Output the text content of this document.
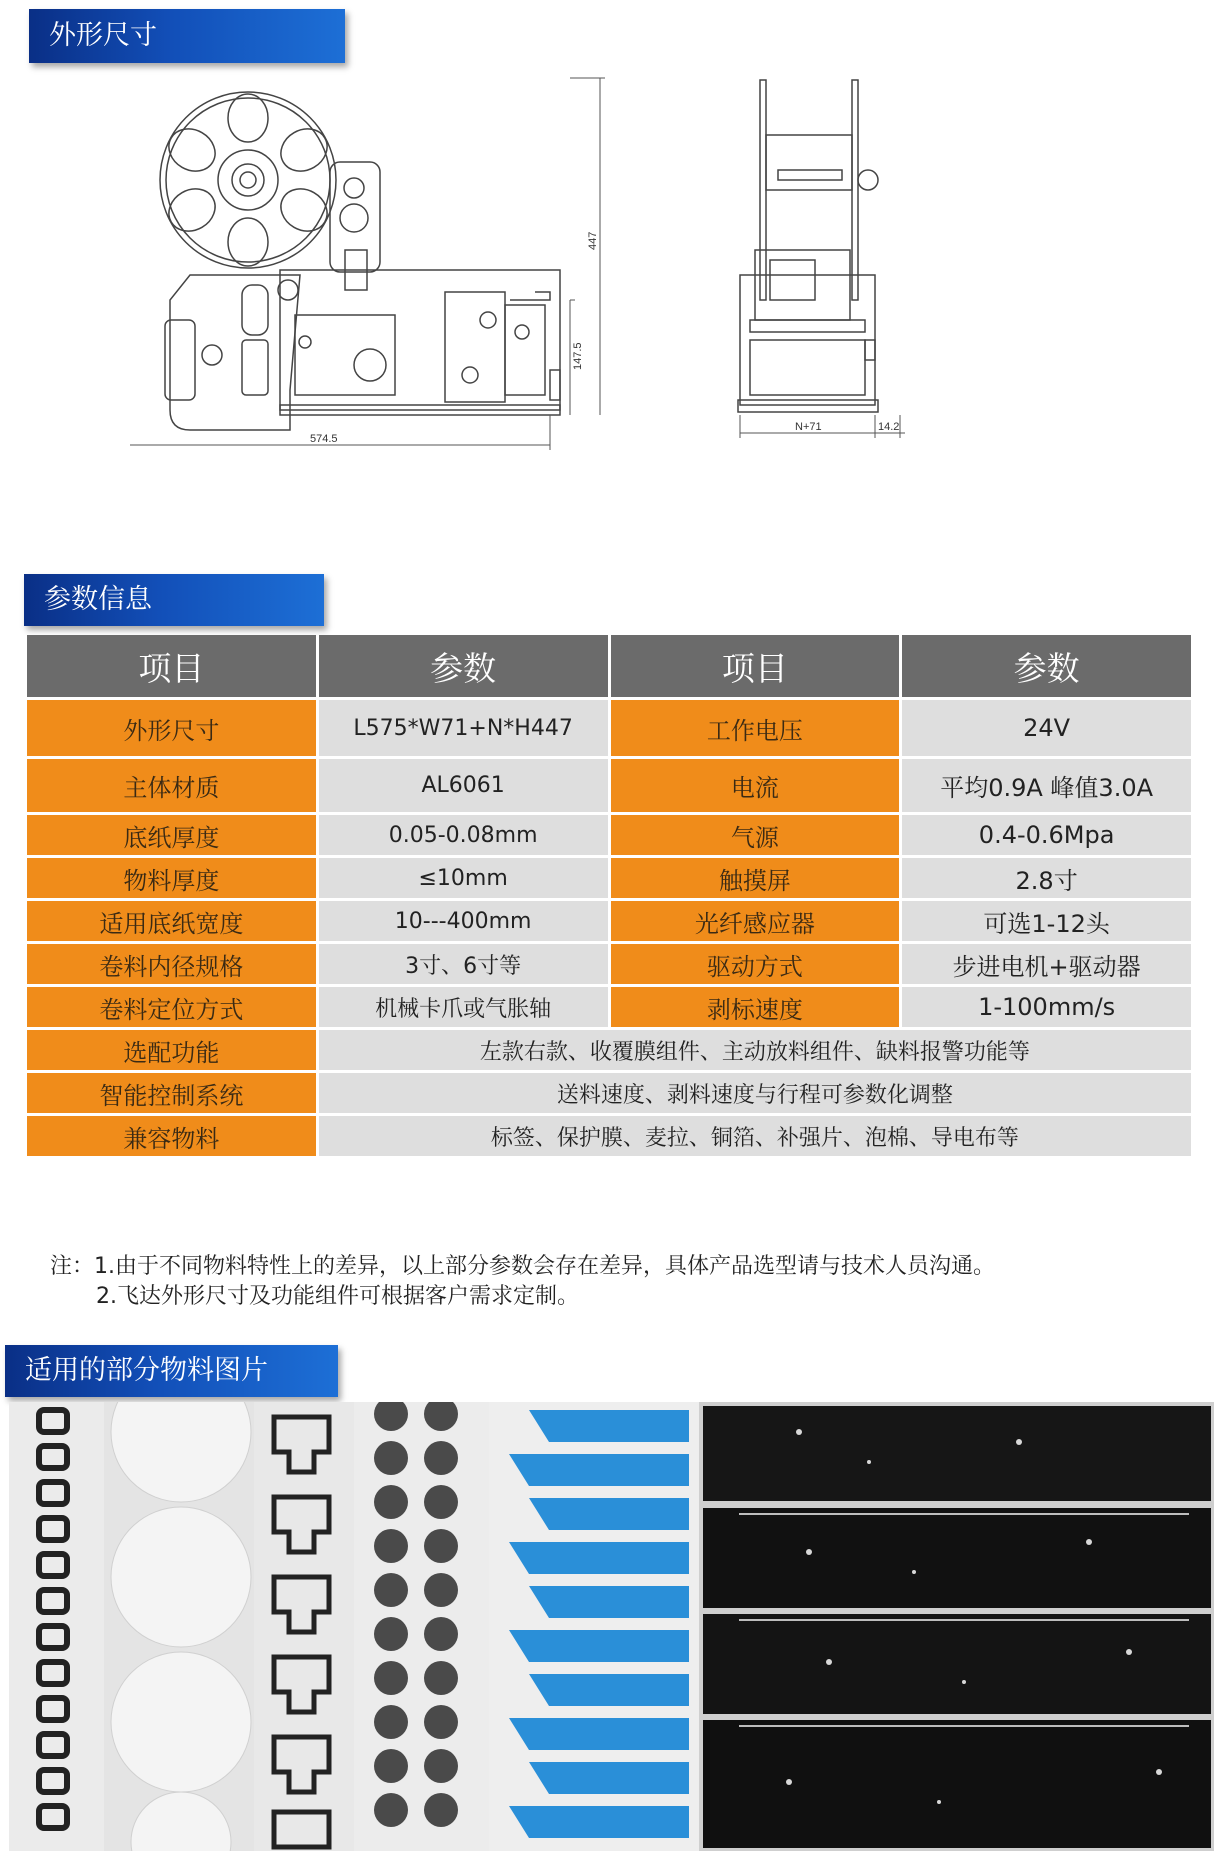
外形尺寸
447
147.5
574.5
N+71	14.2
参数信息
项目	参数	项目	参数
外形尺寸	L575*W71+N*H447	工作电压	24V
主体材质	AL6061	电流	平均0.9A 峰值3.0A
底纸厚度	0.05-0.08mm	气源	0.4-0.6Mpa
物料厚度	≤10mm	触摸屏	2.8寸
适用底纸宽度	10---400mm	光纤感应器	可选1-12头
卷料内径规格	3寸、6寸等	驱动方式	步进电机+驱动器
卷料定位方式	机械卡爪或气胀轴	剥标速度	1-100mm/s
选配功能	左款右款、收覆膜组件、主动放料组件、缺料报警功能等		
智能控制系统	送料速度、剥料速度与行程可参数化调整		
兼容物料	标签、保护膜、麦拉、铜箔、补强片、泡棉、导电布等		
注：1.由于不同物料特性上的差异，以上部分参数会存在差异，具体产品选型请与技术人员沟通。
2.飞达外形尺寸及功能组件可根据客户需求定制。
适用的部分物料图片
